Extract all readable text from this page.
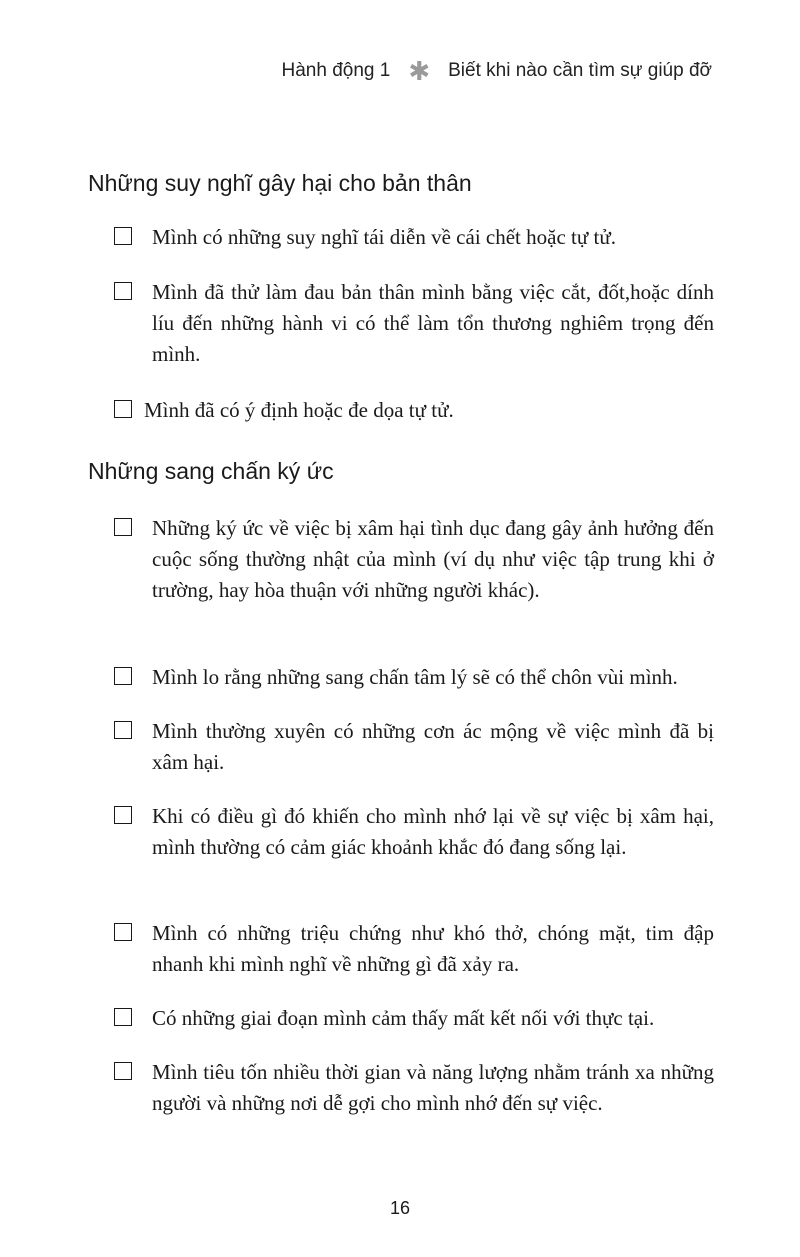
Hành động 1 ✱ Biết khi nào cần tìm sự giúp đỡ
Những suy nghĩ gây hại cho bản thân
Mình có những suy nghĩ tái diễn về cái chết hoặc tự tử.
Mình đã thử làm đau bản thân mình bằng việc cắt, đốt,hoặc dính líu đến những hành vi có thể làm tổn thương nghiêm trọng đến mình.
Mình đã có ý định hoặc đe dọa tự tử.
Những sang chấn ký ức
Những ký ức về việc bị xâm hại tình dục đang gây ảnh hưởng đến cuộc sống thường nhật của mình (ví dụ như việc tập trung khi ở trường, hay hòa thuận với những người khác).
Mình lo rằng những sang chấn tâm lý sẽ có thể chôn vùi mình.
Mình thường xuyên có những cơn ác mộng về việc mình đã bị xâm hại.
Khi có điều gì đó khiến cho mình nhớ lại về sự việc bị xâm hại, mình thường có cảm giác khoảnh khắc đó đang sống lại.
Mình có những triệu chứng như khó thở, chóng mặt, tim đập nhanh khi mình nghĩ về những gì đã xảy ra.
Có những giai đoạn mình cảm thấy mất kết nối với thực tại.
Mình tiêu tốn nhiều thời gian và năng lượng nhằm tránh xa những người và những nơi dễ gợi cho mình nhớ đến sự việc.
16
